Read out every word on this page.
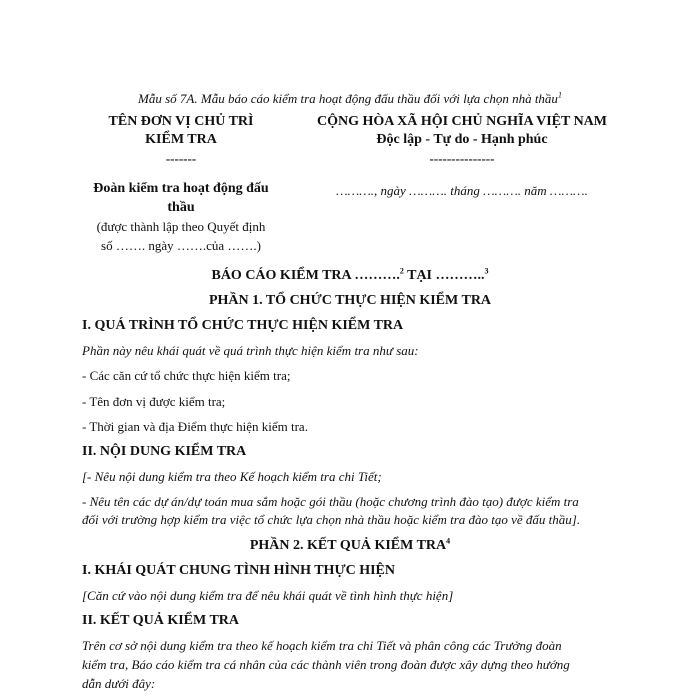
Mẫu số 7A. Mẫu báo cáo kiểm tra hoạt động đấu thầu đối với lựa chọn nhà thầu$^1$
TÊN ĐƠN VỊ CHỦ TRÌ
KIỂM TRA
-------
CỘNG HÒA XÃ HỘI CHỦ NGHĨA VIỆT NAM
Độc lập - Tự do - Hạnh phúc
---------------
Đoàn kiểm tra hoạt động đấu
thầu
(được thành lập theo Quyết định
số ……. ngày …….của …….)
………., ngày ………. tháng ………. năm ……….
BÁO CÁO KIỂM TRA ……….$^2$ TẠI ………..$^3$
PHẦN 1. TỔ CHỨC THỰC HIỆN KIỂM TRA
I. QUÁ TRÌNH TỔ CHỨC THỰC HIỆN KIỂM TRA
Phần này nêu khái quát về quá trình thực hiện kiểm tra như sau:
- Các căn cứ tổ chức thực hiện kiểm tra;
- Tên đơn vị được kiểm tra;
- Thời gian và địa Điểm thực hiện kiểm tra.
II. NỘI DUNG KIỂM TRA
[- Nêu nội dung kiểm tra theo Kế hoạch kiểm tra chi Tiết;
- Nêu tên các dự án/dự toán mua sắm hoặc gói thầu (hoặc chương trình đào tạo) được kiểm tra
đối với trường hợp kiểm tra việc tổ chức lựa chọn nhà thầu hoặc kiểm tra đào tạo về đấu thầu].
PHẦN 2. KẾT QUẢ KIỂM TRA$^4$
I. KHÁI QUÁT CHUNG TÌNH HÌNH THỰC HIỆN
[Căn cứ vào nội dung kiểm tra để nêu khái quát về tình hình thực hiện]
II. KẾT QUẢ KIỂM TRA
Trên cơ sở nội dung kiểm tra theo kế hoạch kiểm tra chi Tiết và phân công các Trưởng đoàn
kiểm tra, Báo cáo kiểm tra cá nhân của các thành viên trong đoàn được xây dựng theo hướng
dẫn dưới đây:
